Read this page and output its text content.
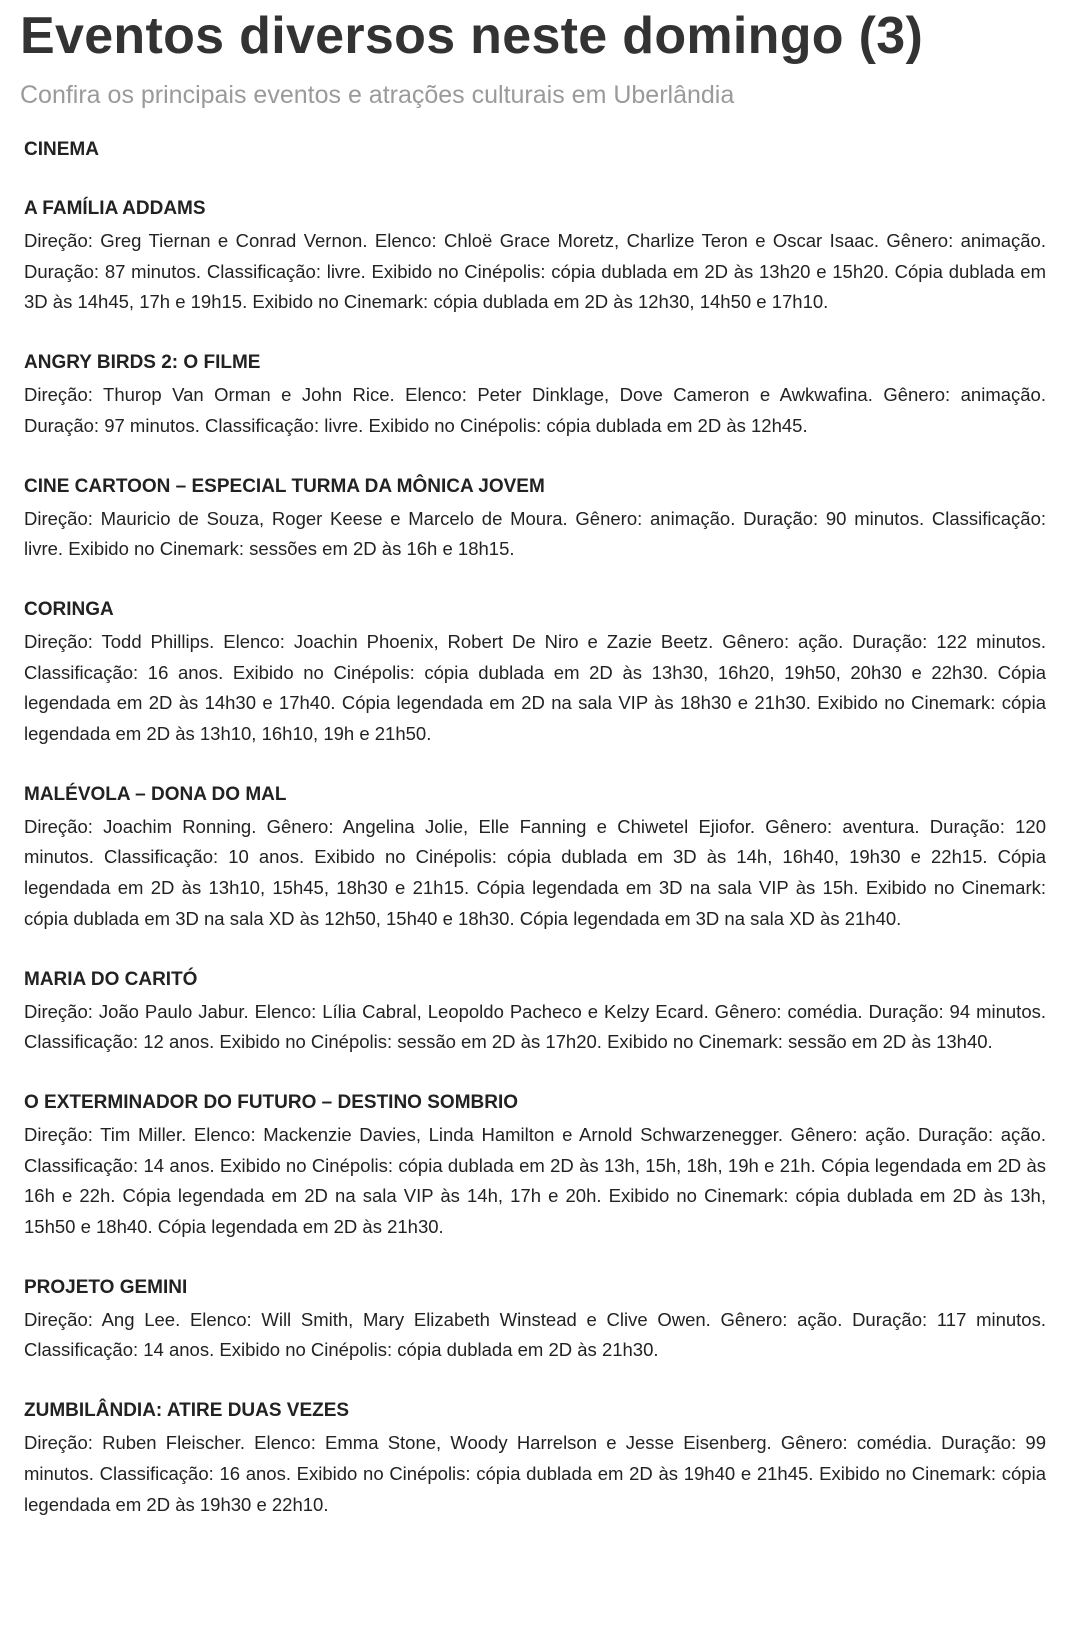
Eventos diversos neste domingo (3)

Confira os principais eventos e atrações culturais em Uberlândia

CINEMA
A FAMÍLIA ADDAMS

Direção: Greg Tiernan e Conrad Vernon. Elenco: Chloë Grace Moretz, Charlize Teron e Oscar Isaac. Gênero: animação. Duração: 87 minutos. Classificação: livre. Exibido no Cinépolis: cópia dublada em 2D às 13h20 e 15h20. Cópia dublada em 3D às 14h45, 17h e 19h15. Exibido no Cinemark: cópia dublada em 2D às 12h30, 14h50 e 17h10.

ANGRY BIRDS 2: O FILME

Direção: Thurop Van Orman e John Rice. Elenco: Peter Dinklage, Dove Cameron e Awkwafina. Gênero: animação. Duração: 97 minutos. Classificação: livre. Exibido no Cinépolis: cópia dublada em 2D às 12h45.

CINE CARTOON – ESPECIAL TURMA DA MÔNICA JOVEM

Direção: Mauricio de Souza, Roger Keese e Marcelo de Moura. Gênero: animação. Duração: 90 minutos. Classificação: livre. Exibido no Cinemark: sessões em 2D às 16h e 18h15.

CORINGA

Direção: Todd Phillips. Elenco: Joachin Phoenix, Robert De Niro e Zazie Beetz. Gênero: ação. Duração: 122 minutos. Classificação: 16 anos. Exibido no Cinépolis: cópia dublada em 2D às 13h30, 16h20, 19h50, 20h30 e 22h30. Cópia legendada em 2D às 14h30 e 17h40. Cópia legendada em 2D na sala VIP às 18h30 e 21h30. Exibido no Cinemark: cópia legendada em 2D às 13h10, 16h10, 19h e 21h50.

MALÉVOLA – DONA DO MAL

Direção: Joachim Ronning. Gênero: Angelina Jolie, Elle Fanning e Chiwetel Ejiofor. Gênero: aventura. Duração: 120 minutos. Classificação: 10 anos. Exibido no Cinépolis: cópia dublada em 3D às 14h, 16h40, 19h30 e 22h15. Cópia legendada em 2D às 13h10, 15h45, 18h30 e 21h15. Cópia legendada em 3D na sala VIP às 15h. Exibido no Cinemark: cópia dublada em 3D na sala XD às 12h50, 15h40 e 18h30. Cópia legendada em 3D na sala XD às 21h40.

MARIA DO CARITÓ

Direção: João Paulo Jabur. Elenco: Lília Cabral, Leopoldo Pacheco e Kelzy Ecard. Gênero: comédia. Duração: 94 minutos. Classificação: 12 anos. Exibido no Cinépolis: sessão em 2D às 17h20. Exibido no Cinemark: sessão em 2D às 13h40.

O EXTERMINADOR DO FUTURO – DESTINO SOMBRIO

Direção: Tim Miller. Elenco: Mackenzie Davies, Linda Hamilton e Arnold Schwarzenegger. Gênero: ação. Duração: ação. Classificação: 14 anos. Exibido no Cinépolis: cópia dublada em 2D às 13h, 15h, 18h, 19h e 21h. Cópia legendada em 2D às 16h e 22h. Cópia legendada em 2D na sala VIP às 14h, 17h e 20h. Exibido no Cinemark: cópia dublada em 2D às 13h, 15h50 e 18h40. Cópia legendada em 2D às 21h30.

PROJETO GEMINI

Direção: Ang Lee. Elenco: Will Smith, Mary Elizabeth Winstead e Clive Owen. Gênero: ação. Duração: 117 minutos. Classificação: 14 anos. Exibido no Cinépolis: cópia dublada em 2D às 21h30.

ZUMBILÂNDIA: ATIRE DUAS VEZES

Direção: Ruben Fleischer. Elenco: Emma Stone, Woody Harrelson e Jesse Eisenberg. Gênero: comédia. Duração: 99 minutos. Classificação: 16 anos. Exibido no Cinépolis: cópia dublada em 2D às 19h40 e 21h45. Exibido no Cinemark: cópia legendada em 2D às 19h30 e 22h10.
